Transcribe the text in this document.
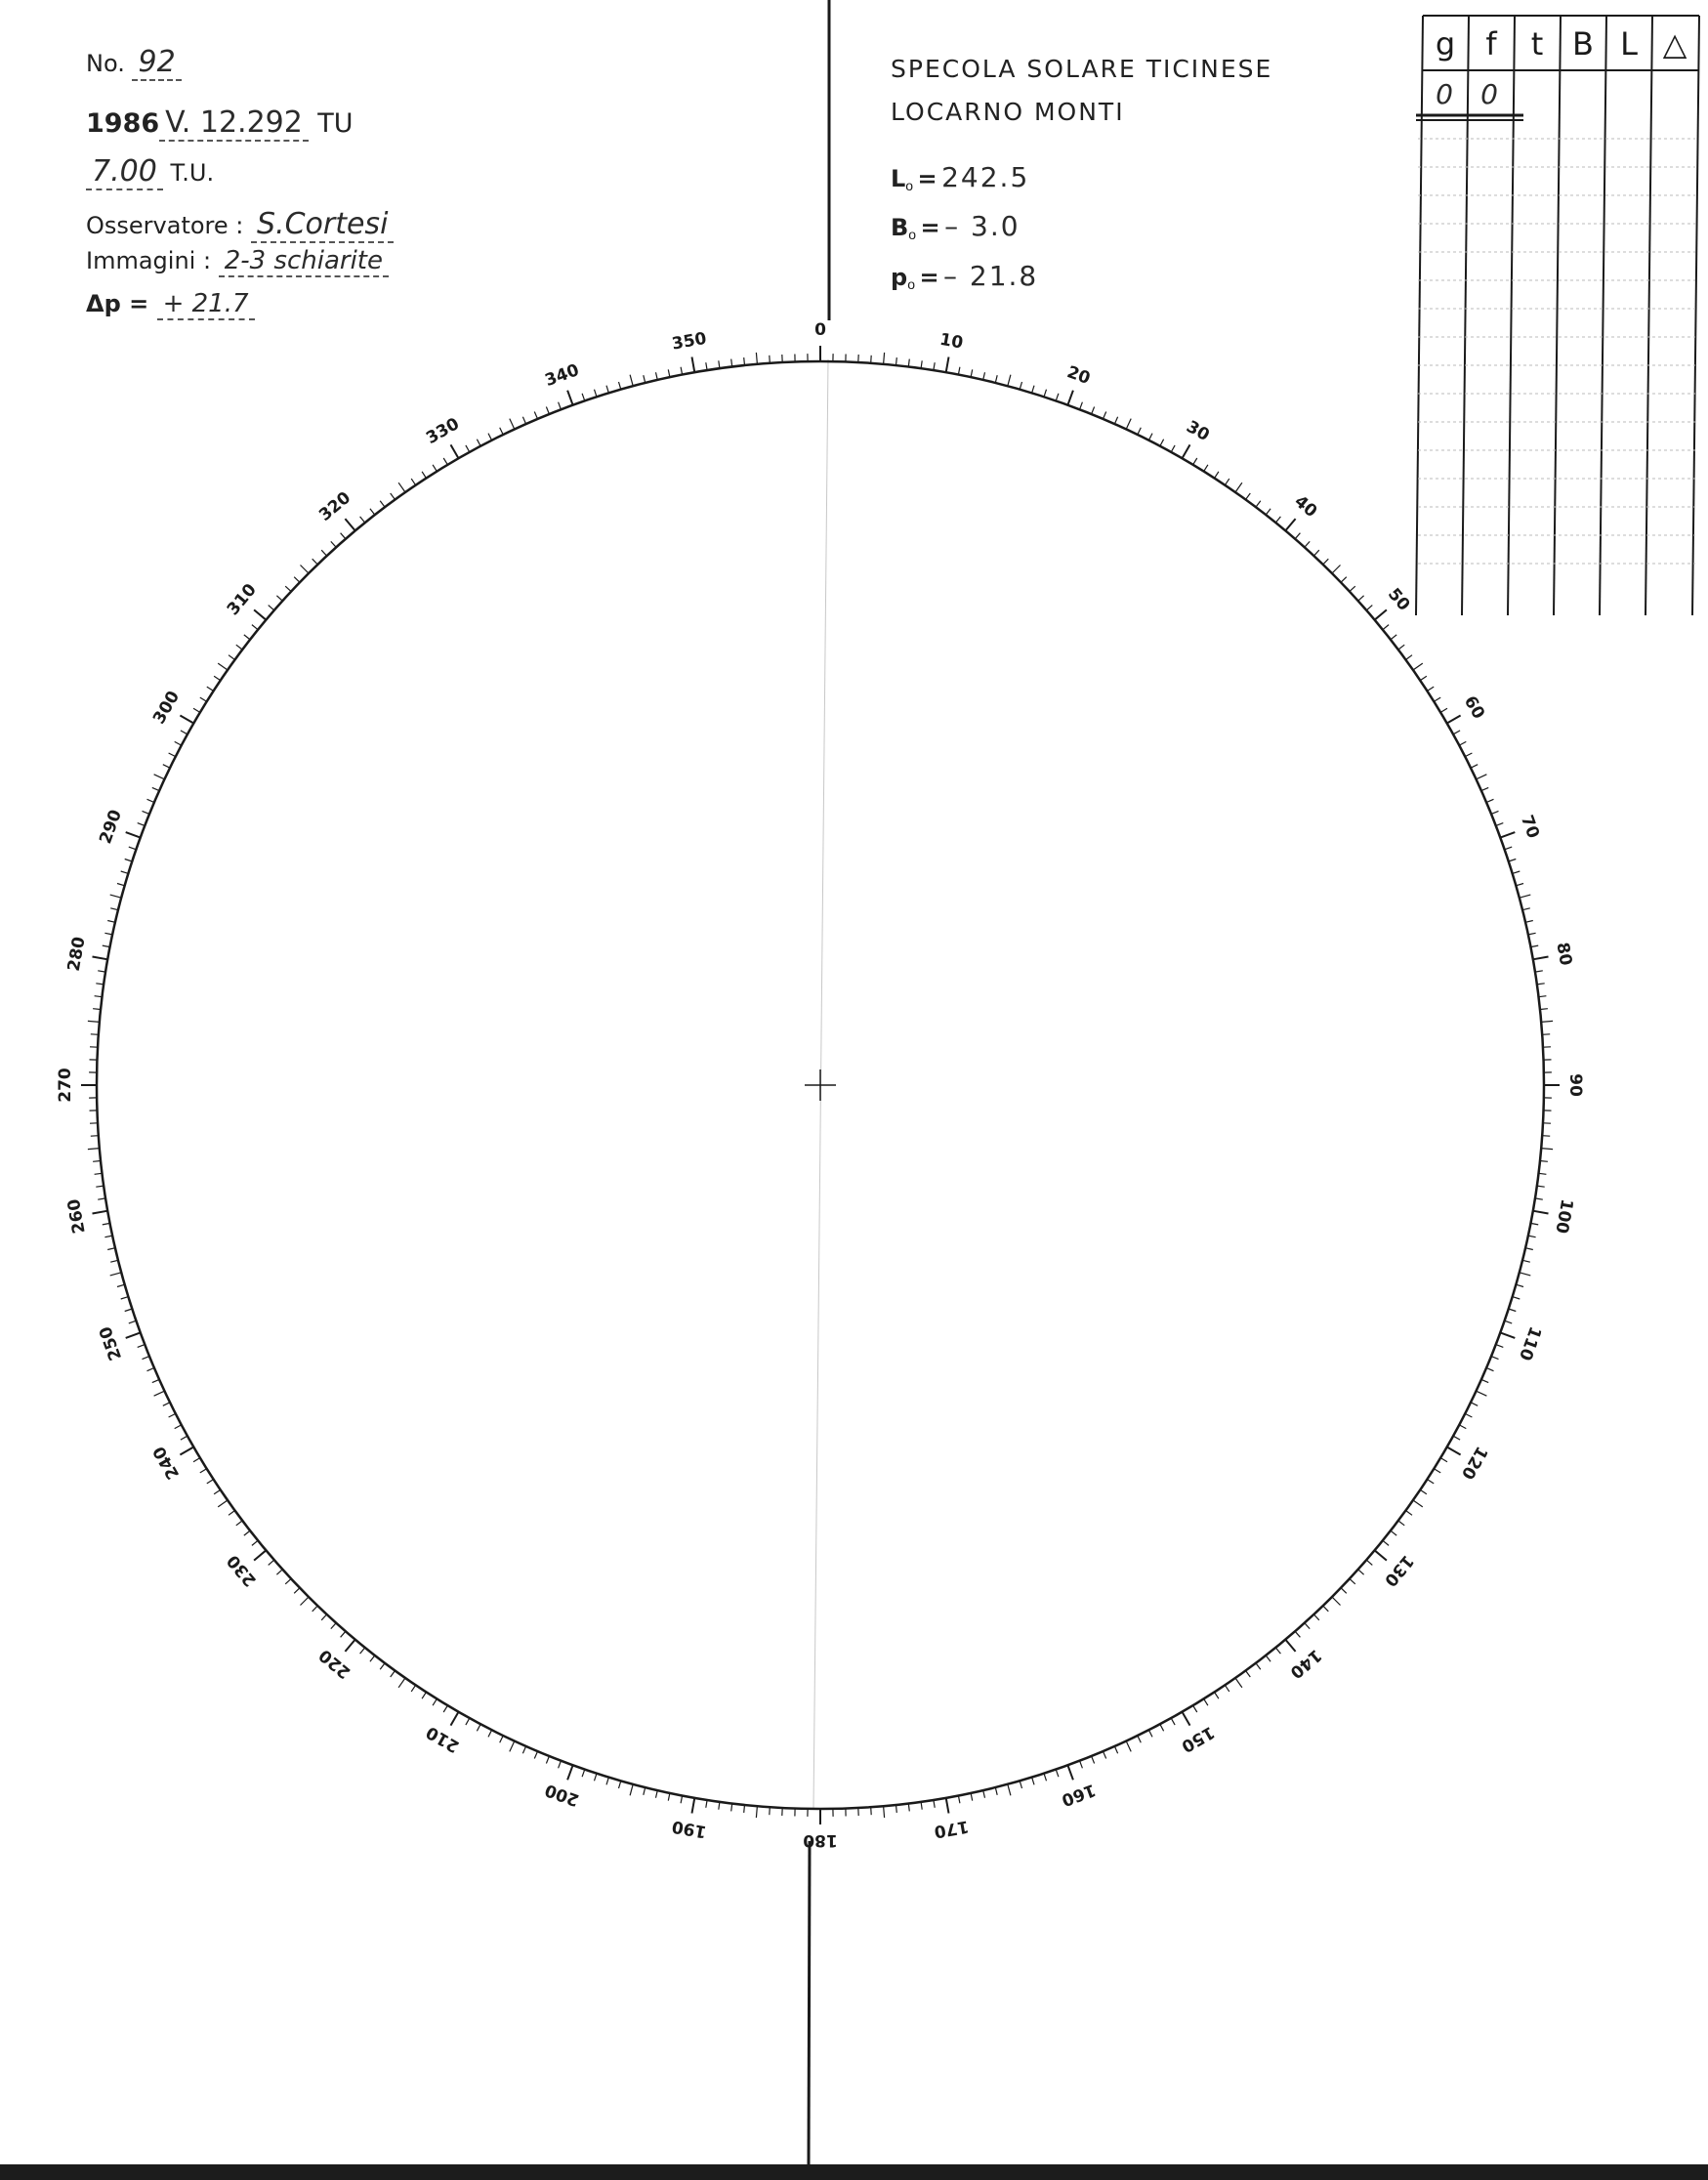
No. 92
1986 V. 12.292 TU
7.00 T.U.
Osservatore : S.Cortesi
Immagini : 2-3 schiarite
Δp = + 21.7
SPECOLA SOLARE TICINESE
LOCARNO MONTI
$L_o = 242.5$
$B_o$ = – 3.0
$p_o$ = – 21.8
g f t B L △
0 0
0	10
20
30
40
50
60
70
80
90
100
110
120
130
140
150
160
170
180
190
200
210
220
230
240
250
260
270
280
290
300
310
320
330
340
350
